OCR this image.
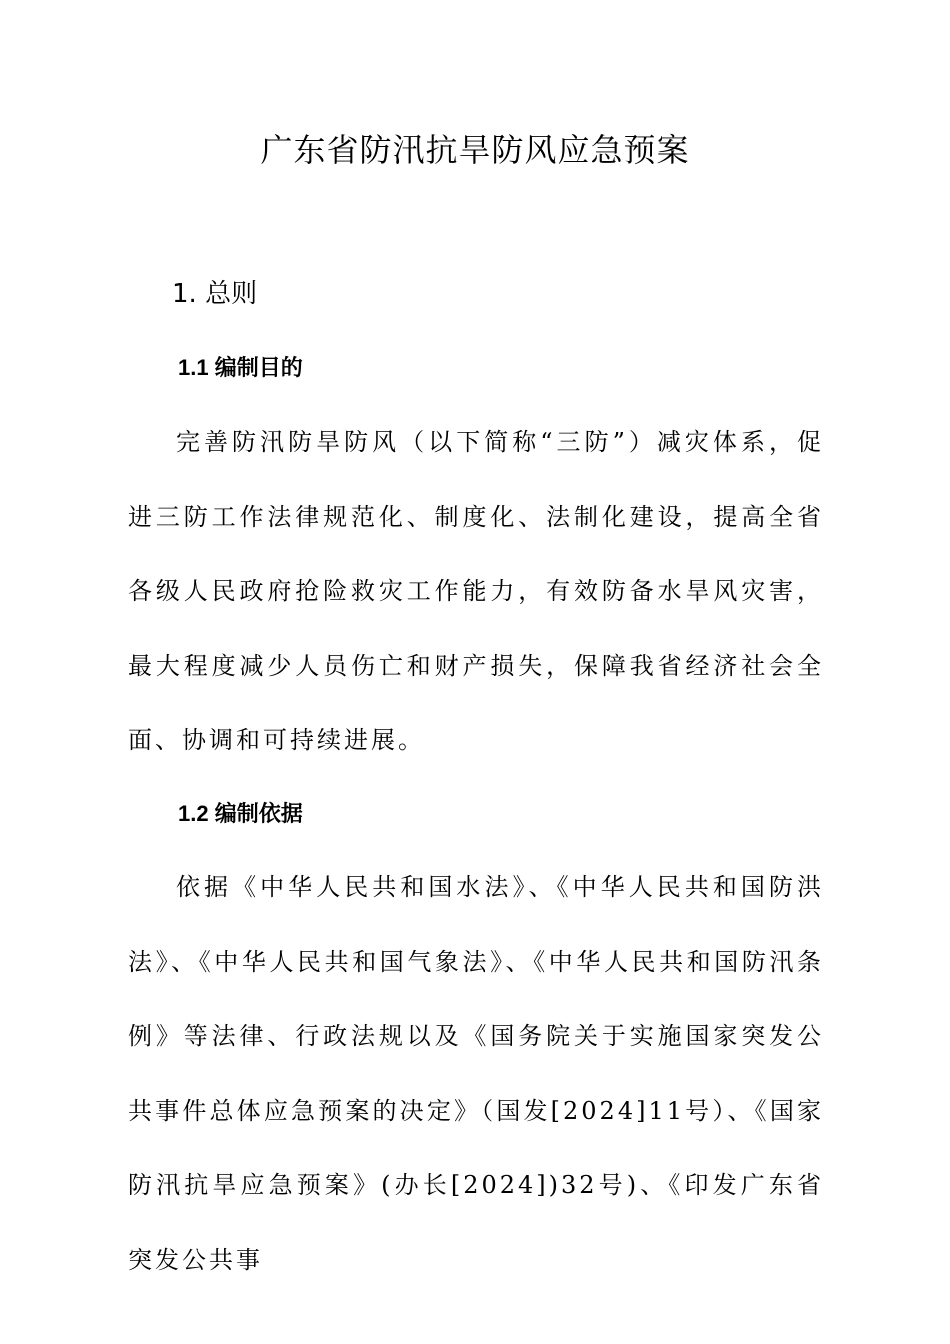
广东省防汛抗旱防风应急预案
1. 总则
1.1 编制目的

完善防汛防旱防风（以下简称“三防”）减灾体系，促进三防工作法律规范化、制度化、法制化建设，提高全省各级人民政府抢险救灾工作能力，有效防备水旱风灾害，最大程度减少人员伤亡和财产损失，保障我省经济社会全面、协调和可持续进展。

1.2 编制依据

依据《中华人民共和国水法》、《中华人民共和国防洪法》、《中华人民共和国气象法》、《中华人民共和国防汛条例》等法律、行政法规以及《国务院关于实施国家突发公共事件总体应急预案的决定》（国发[2024]11号）、《国家防汛抗旱应急预案》(办长[2024])32号)、《印发广东省突发公共事
